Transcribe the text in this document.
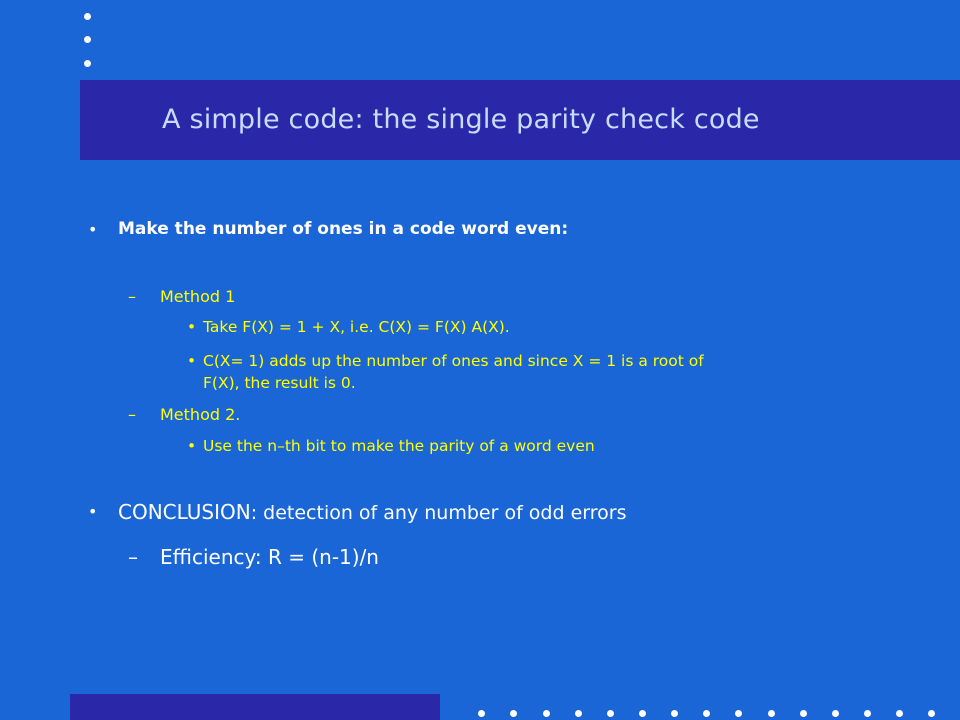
A simple code: the single parity check code
• Make the number of ones in a code word even:
– Method 1
• Take F(X) = 1 + X, i.e. C(X) = F(X) A(X).
• C(X= 1) adds up the number of ones and since X = 1 is a root of
F(X), the result is 0.
– Method 2.
• Use the n–th bit to make the parity of a word even
• CONCLUSION: detection of any number of odd errors
– Efficiency: R = (n-1)/n
